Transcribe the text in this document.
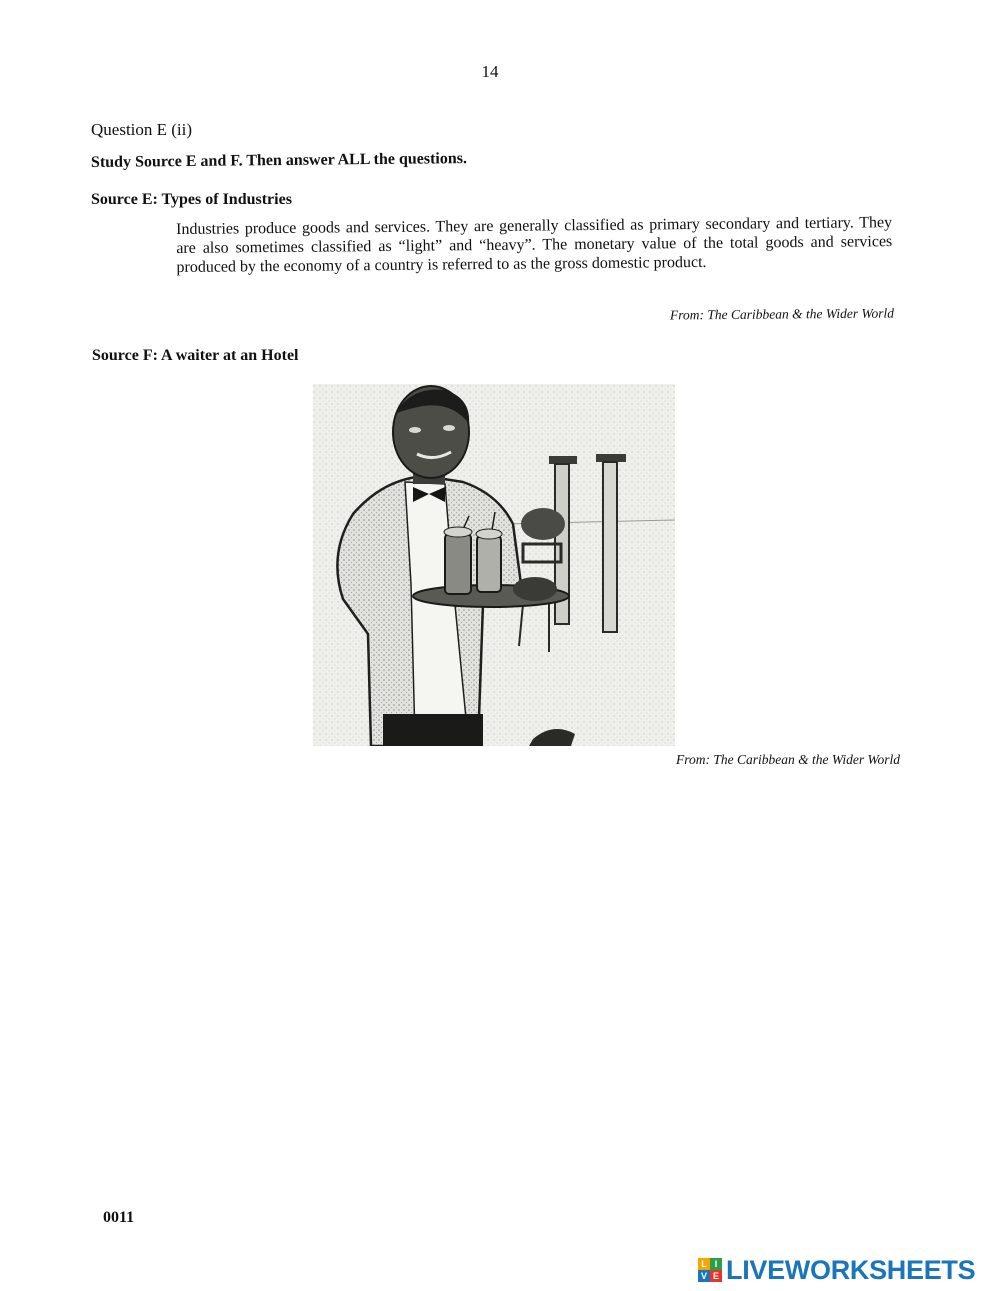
14
Question E (ii)
Study Source E and F. Then answer ALL the questions.
Source E: Types of Industries
Industries produce goods and services. They are generally classified as primary secondary and tertiary. They are also sometimes classified as “light” and “heavy”. The monetary value of the total goods and services produced by the economy of a country is referred to as the gross domestic product.
From: The Caribbean & the Wider World
Source F: A waiter at an Hotel
From: The Caribbean & the Wider World
0011
L I
V E LIVEWORKSHEETS
